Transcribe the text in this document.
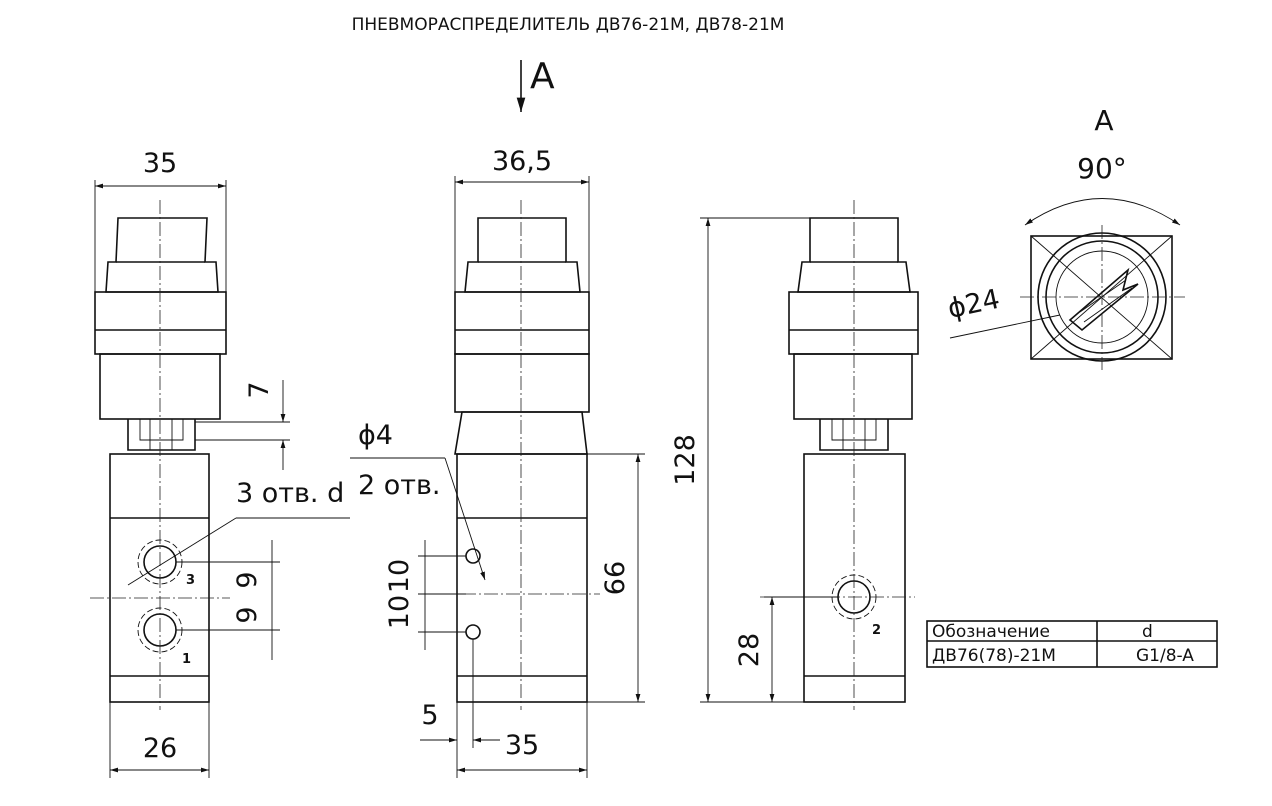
ПНЕВМОРАСПРЕДЕЛИТЕЛЬ ДВ76-21М, ДВ78-21М
A
3
1
35
7
9
9
26
3 отв. d
36,5
ϕ4
2 отв.
10
10
66
5
35
2
128
28
A
90°
ϕ24
Обозначение	d
ДВ76(78)-21М	G1/8-A
